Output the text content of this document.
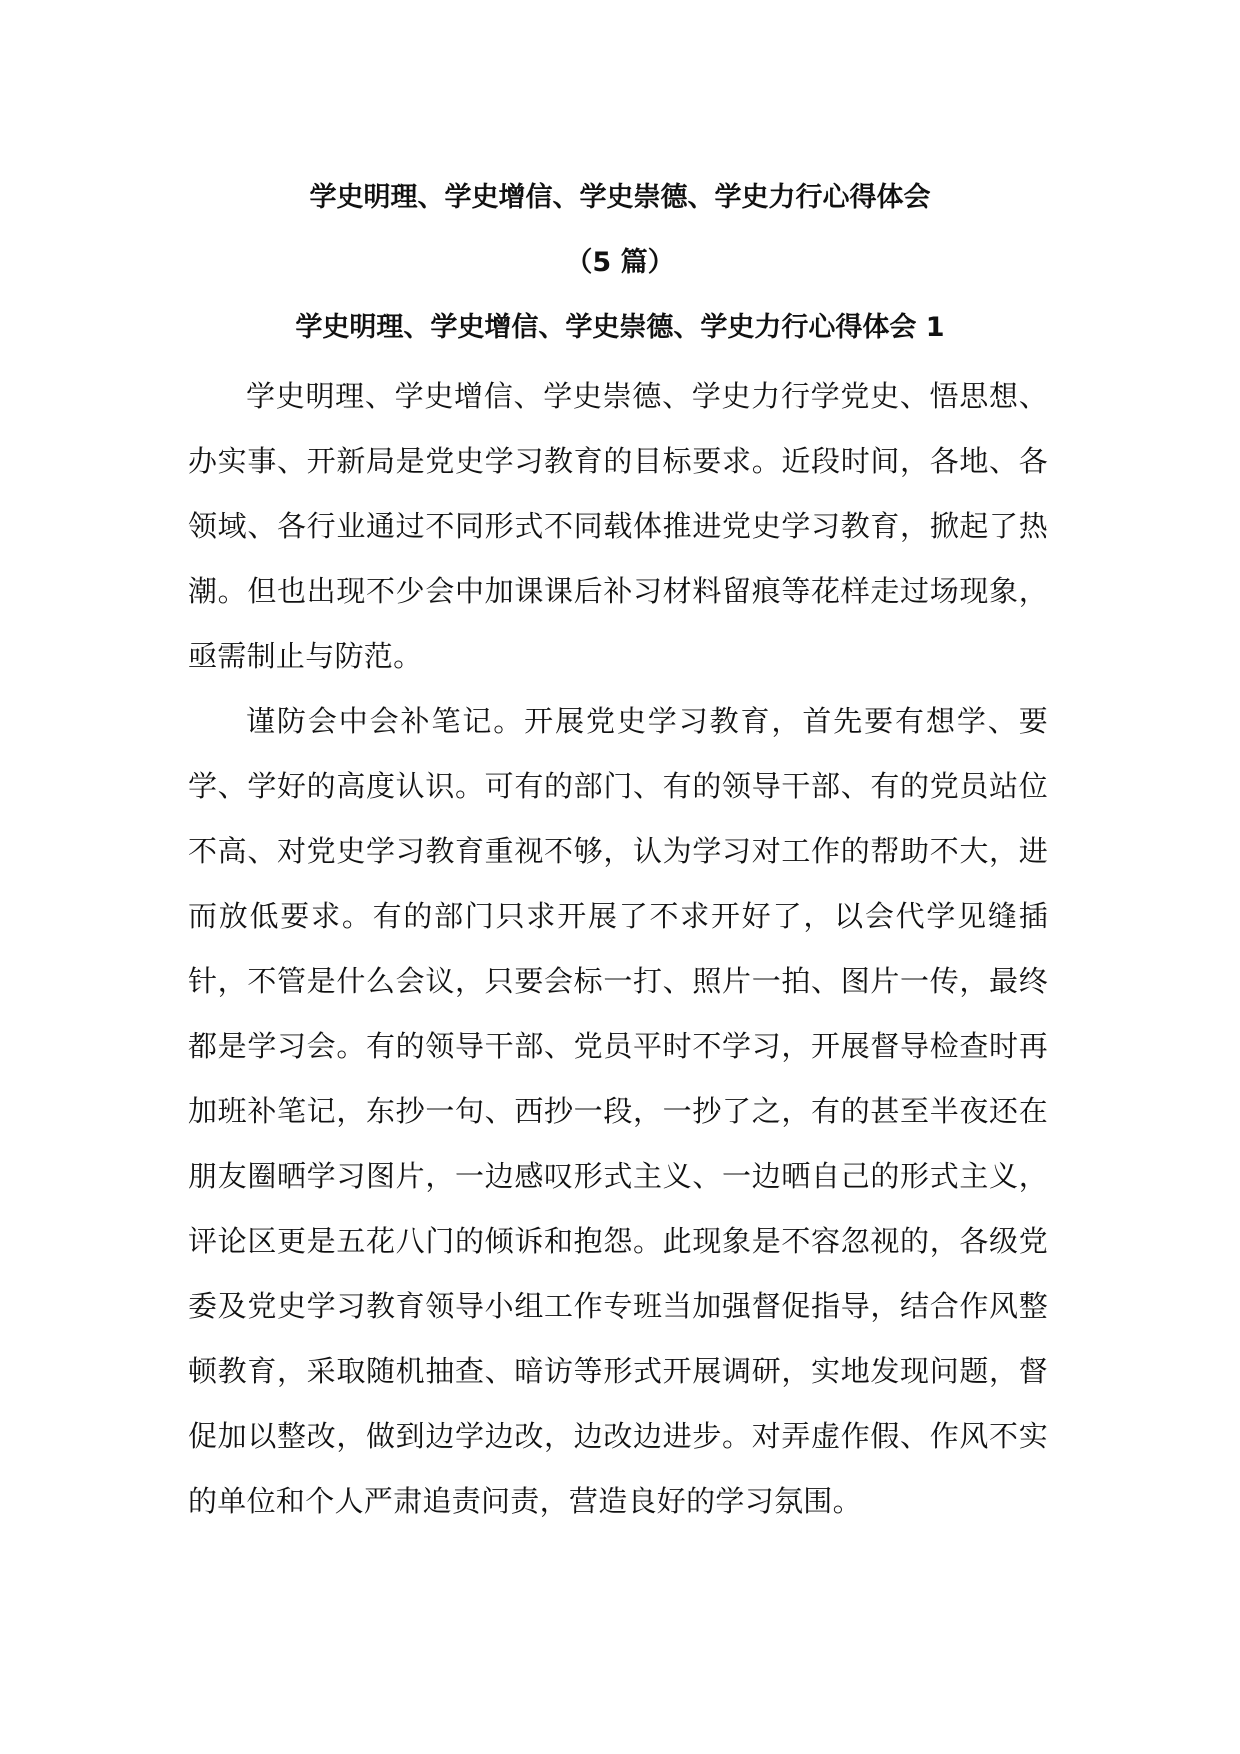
学史明理、学史增信、学史崇德、学史力行心得体会
（5 篇）
学史明理、学史增信、学史崇德、学史力行心得体会 1

学史明理、学史增信、学史崇德、学史力行学党史、悟思想、办实事、开新局是党史学习教育的目标要求。近段时间，各地、各领域、各行业通过不同形式不同载体推进党史学习教育，掀起了热潮。但也出现不少会中加课课后补习材料留痕等花样走过场现象，亟需制止与防范。

谨防会中会补笔记。开展党史学习教育，首先要有想学、要学、学好的高度认识。可有的部门、有的领导干部、有的党员站位不高、对党史学习教育重视不够，认为学习对工作的帮助不大，进而放低要求。有的部门只求开展了不求开好了，以会代学见缝插针，不管是什么会议，只要会标一打、照片一拍、图片一传，最终都是学习会。有的领导干部、党员平时不学习，开展督导检查时再加班补笔记，东抄一句、西抄一段，一抄了之，有的甚至半夜还在朋友圈晒学习图片，一边感叹形式主义、一边晒自己的形式主义，评论区更是五花八门的倾诉和抱怨。此现象是不容忽视的，各级党委及党史学习教育领导小组工作专班当加强督促指导，结合作风整顿教育，采取随机抽查、暗访等形式开展调研，实地发现问题，督促加以整改，做到边学边改，边改边进步。对弄虚作假、作风不实的单位和个人严肃追责问责，营造良好的学习氛围。
